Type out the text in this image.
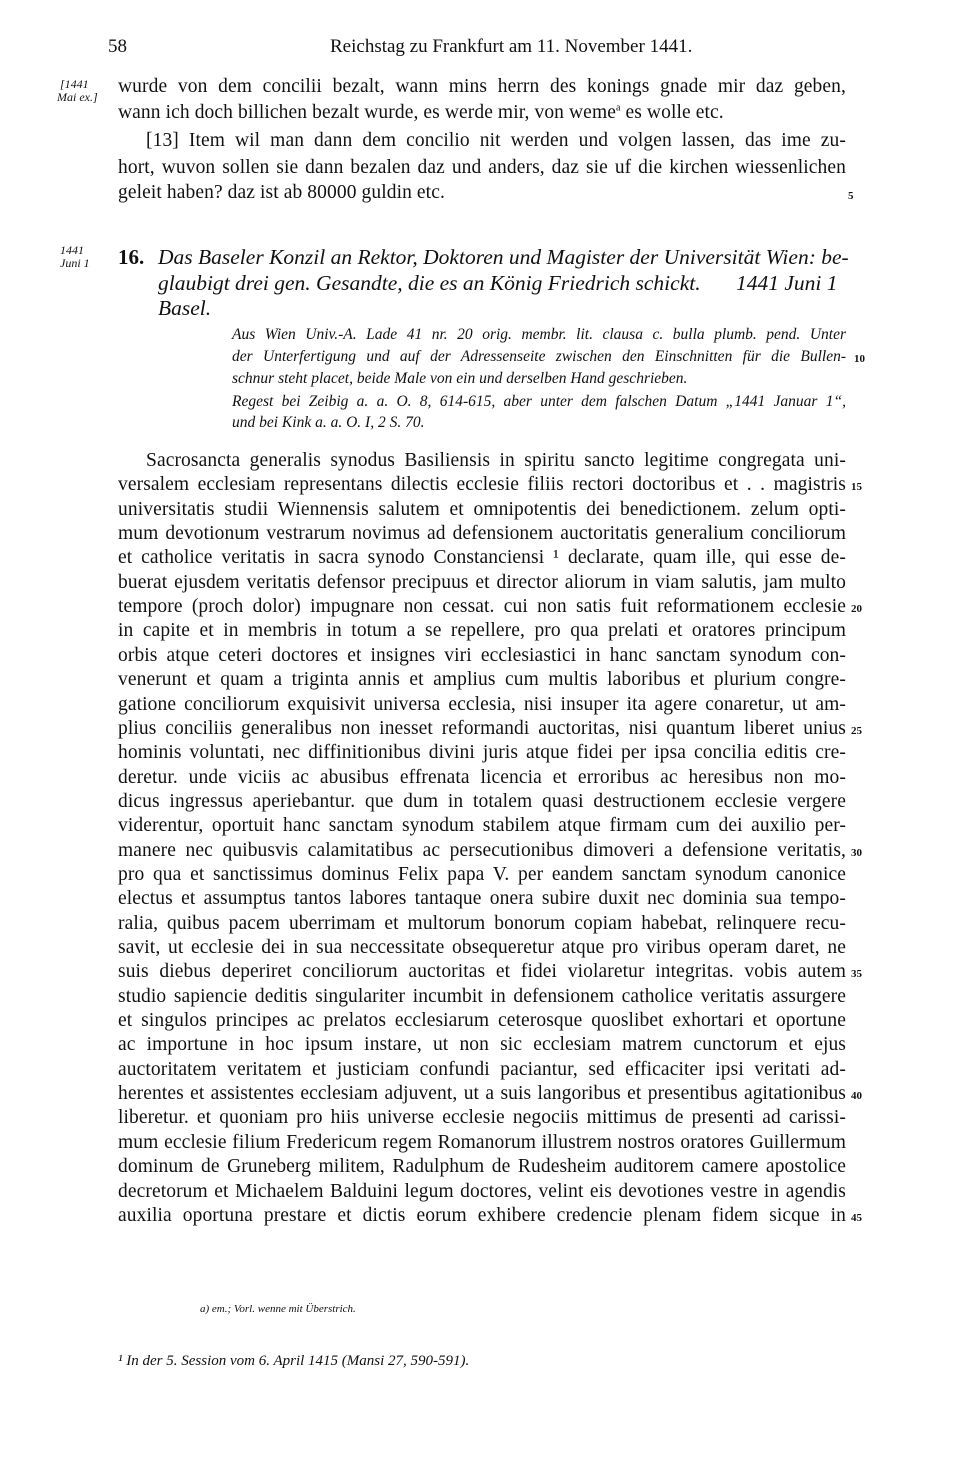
58	Reichstag zu Frankfurt am 11. November 1441.
[1441
Mai ex.] wurde von dem concilii bezalt, wann mins herrn des konings gnade mir daz geben,
wann ich doch billichen bezalt wurde, es werde mir, von weme$^a$ es wolle etc.
[13] Item wil man dann dem concilio nit werden und volgen lassen, das ime zu-
hort, wuvon sollen sie dann bezalen daz und anders, daz sie uf die kirchen wiessenlichen
geleit haben? daz ist ab 80000 guldin etc.	5
1441
Juni 1 16. Das Baseler Konzil an Rektor, Doktoren und Magister der Universität Wien: be-
glaubigt drei gen. Gesandte, die es an König Friedrich schickt. 1441 Juni 1
Basel.
Aus Wien Univ.-A. Lade 41 nr. 20 orig. membr. lit. clausa c. bulla plumb. pend. Unter
der Unterfertigung und auf der Adressenseite zwischen den Einschnitten für die Bullen- 10
schnur steht placet, beide Male von ein und derselben Hand geschrieben.
Regest bei Zeibig a. a. O. 8, 614-615, aber unter dem falschen Datum „1441 Januar 1“,
und bei Kink a. a. O. I, 2 S. 70.
Sacrosancta generalis synodus Basiliensis in spiritu sancto legitime congregata uni-
versalem ecclesiam representans dilectis ecclesie filiis rectori doctoribus et . . magistris 15
universitatis studii Wiennensis salutem et omnipotentis dei benedictionem. zelum opti-
mum devotionum vestrarum novimus ad defensionem auctoritatis generalium conciliorum
et catholice veritatis in sacra synodo Constanciensi ¹ declarate, quam ille, qui esse de-
buerat ejusdem veritatis defensor precipuus et director aliorum in viam salutis, jam multo
tempore (proch dolor) impugnare non cessat. cui non satis fuit reformationem ecclesie 20
in capite et in membris in totum a se repellere, pro qua prelati et oratores principum
orbis atque ceteri doctores et insignes viri ecclesiastici in hanc sanctam synodum con-
venerunt et quam a triginta annis et amplius cum multis laboribus et plurium congre-
gatione conciliorum exquisivit universa ecclesia, nisi insuper ita agere conaretur, ut am-
plius conciliis generalibus non inesset reformandi auctoritas, nisi quantum liberet unius 25
hominis voluntati, nec diffinitionibus divini juris atque fidei per ipsa concilia editis cre-
deretur. unde viciis ac abusibus effrenata licencia et erroribus ac heresibus non mo-
dicus ingressus aperiebantur. que dum in totalem quasi destructionem ecclesie vergere
viderentur, oportuit hanc sanctam synodum stabilem atque firmam cum dei auxilio per-
manere nec quibusvis calamitatibus ac persecutionibus dimoveri a defensione veritatis, 30
pro qua et sanctissimus dominus Felix papa V. per eandem sanctam synodum canonice
electus et assumptus tantos labores tantaque onera subire duxit nec dominia sua tempo-
ralia, quibus pacem uberrimam et multorum bonorum copiam habebat, relinquere recu-
savit, ut ecclesie dei in sua neccessitate obsequeretur atque pro viribus operam daret, ne
suis diebus deperiret conciliorum auctoritas et fidei violaretur integritas. vobis autem 35
studio sapiencie deditis singulariter incumbit in defensionem catholice veritatis assurgere
et singulos principes ac prelatos ecclesiarum ceterosque quoslibet exhortari et oportune
ac importune in hoc ipsum instare, ut non sic ecclesiam matrem cunctorum et ejus
auctoritatem veritatem et justiciam confundi paciantur, sed efficaciter ipsi veritati ad-
herentes et assistentes ecclesiam adjuvent, ut a suis langoribus et presentibus agitationibus 40
liberetur. et quoniam pro hiis universe ecclesie negociis mittimus de presenti ad carissi-
mum ecclesie filium Fredericum regem Romanorum illustrem nostros oratores Guillermum
dominum de Gruneberg militem, Radulphum de Rudesheim auditorem camere apostolice
decretorum et Michaelem Balduini legum doctores, velint eis devotiones vestre in agendis
auxilia oportuna prestare et dictis eorum exhibere credencie plenam fidem sicque in 45
a) em.; Vorl. wenne mit Überstrich.
¹ In der 5. Session vom 6. April 1415 (Mansi 27, 590-591).
